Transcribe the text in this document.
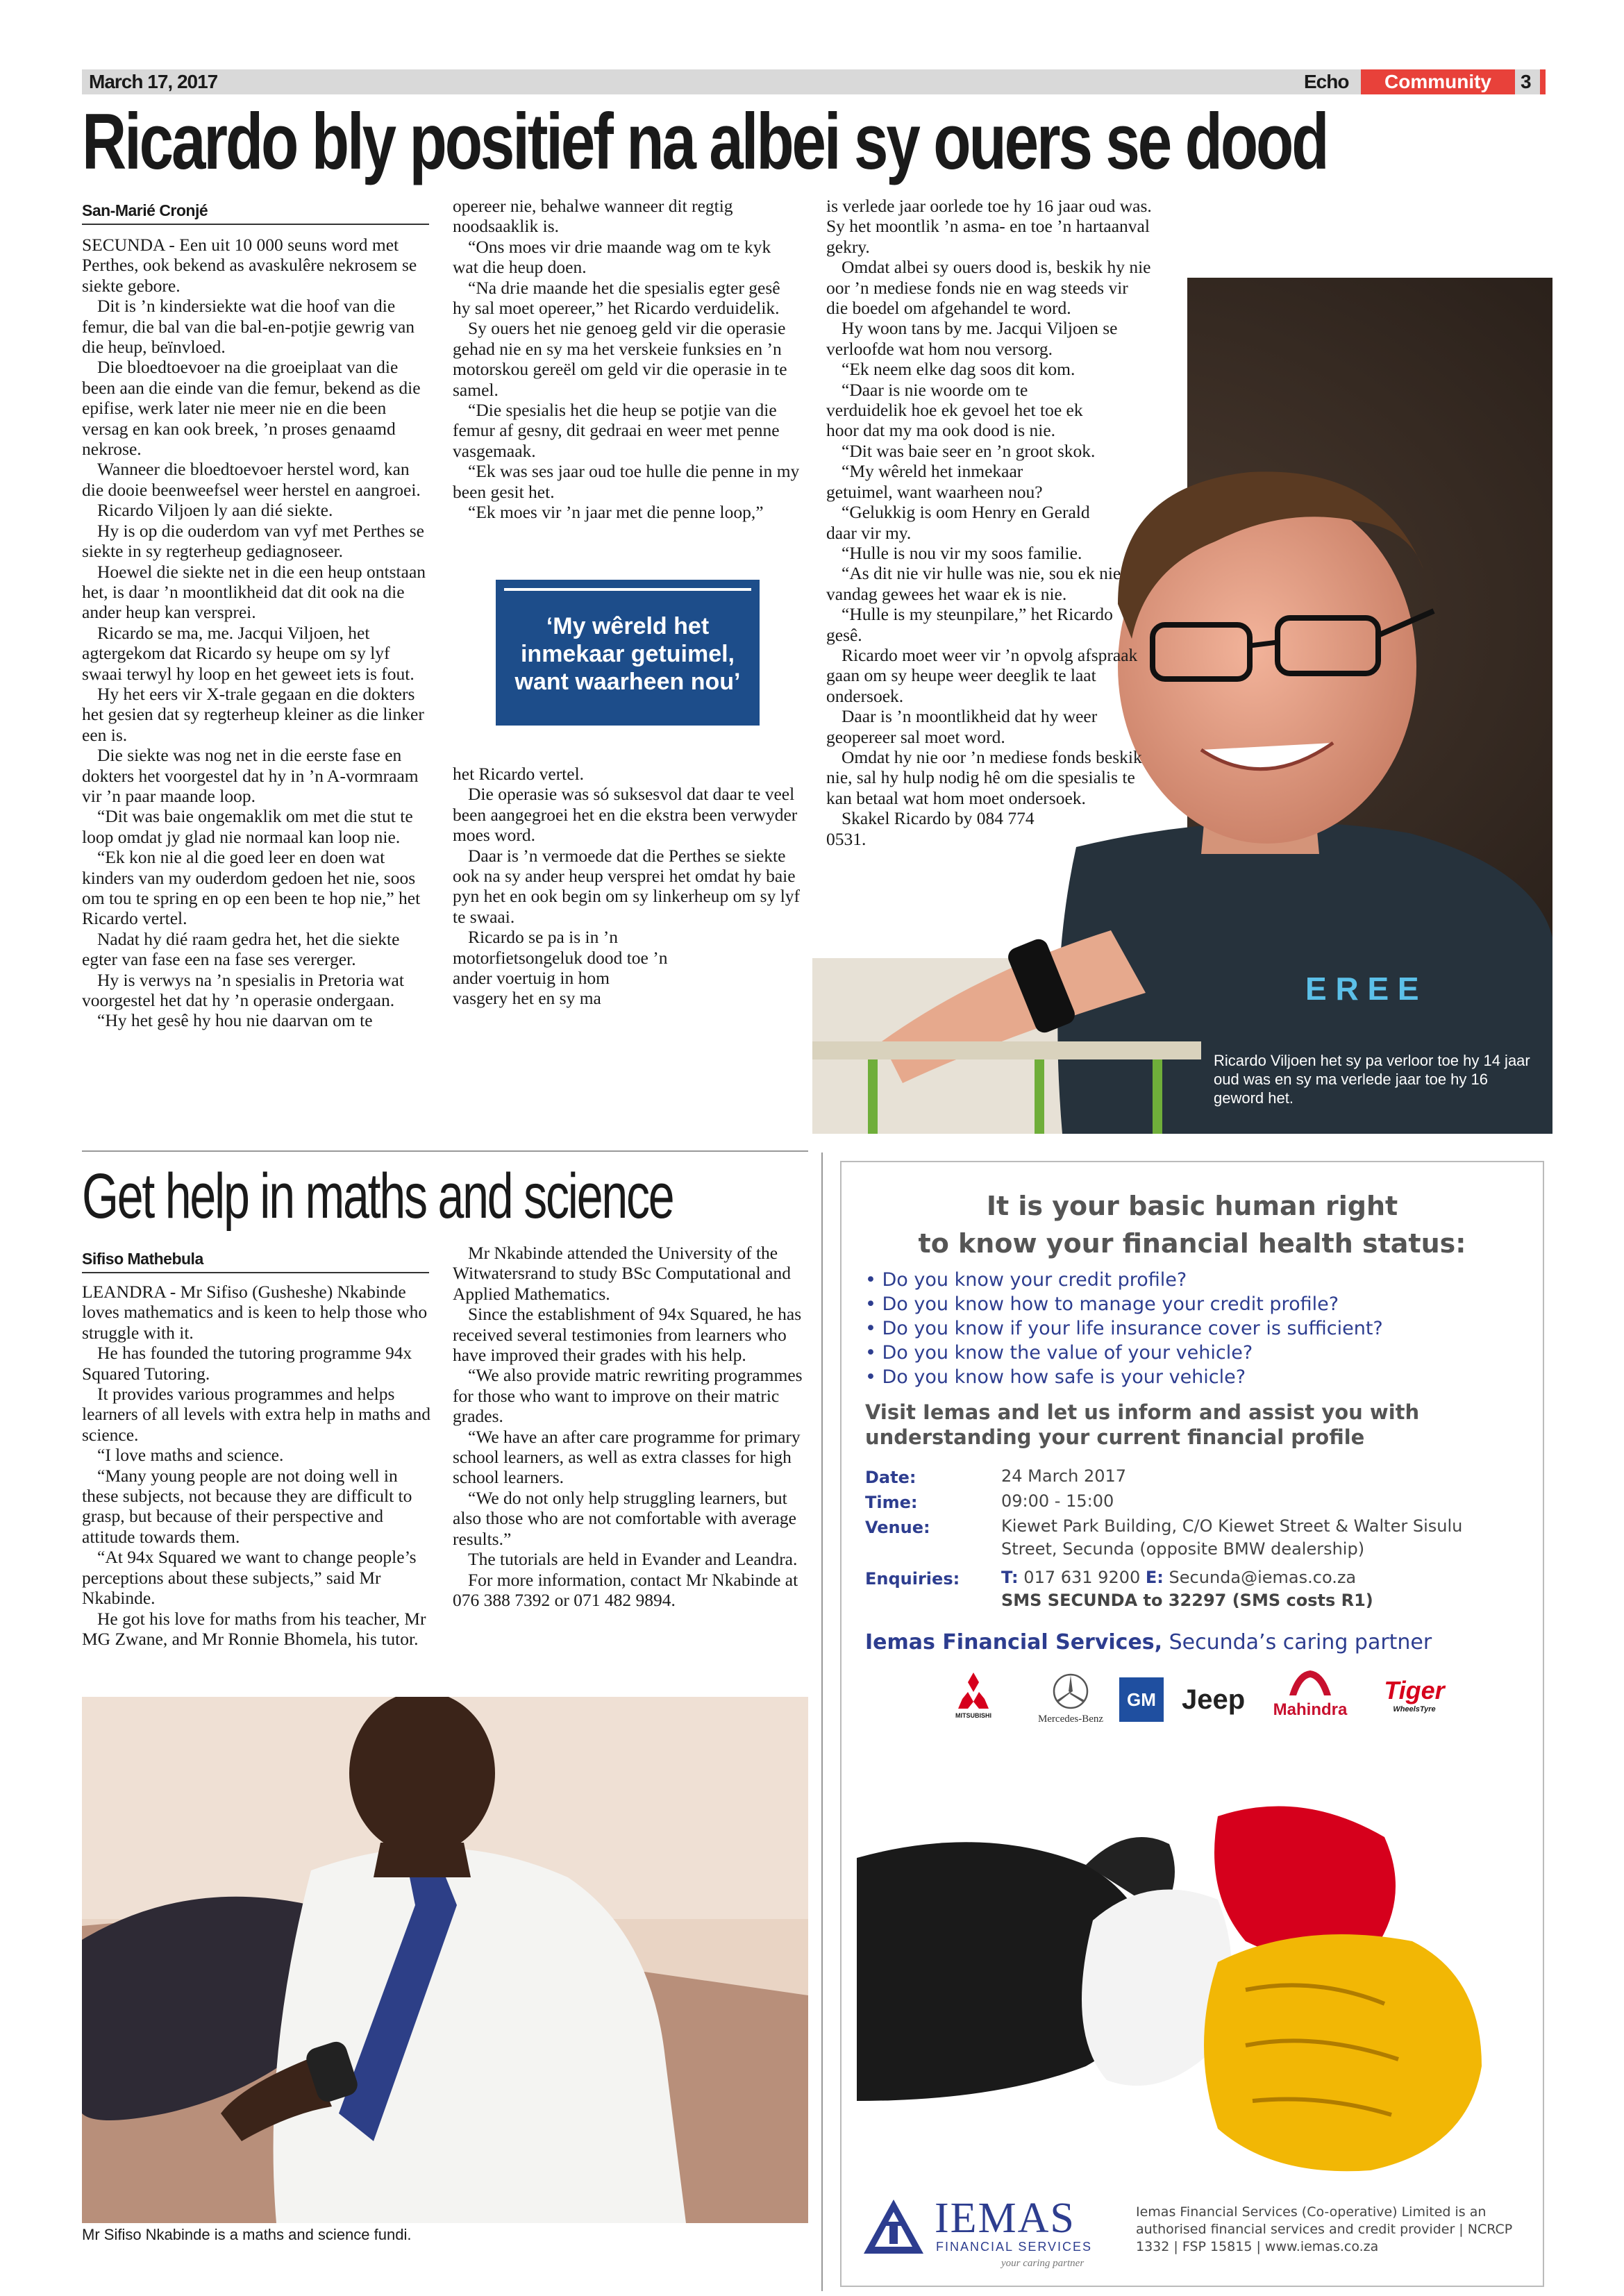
March 17, 2017	Echo	Community	3
Ricardo bly positief na albei sy ouers se dood
E R E E
Ricardo Viljoen het sy pa verloor toe hy 14 jaar oud was en sy ma verlede jaar toe hy 16 geword het.
San-Marié Cronjé

SECUNDA - Een uit 10 000 seuns word met Perthes, ook bekend as avaskulêre nekrosem se siekte gebore.

Dit is ’n kindersiekte wat die hoof van die femur, die bal van die bal-en-potjie gewrig van die heup, beïnvloed.

Die bloedtoevoer na die groeiplaat van die been aan die einde van die femur, bekend as die epifise, werk later nie meer nie en die been versag en kan ook breek, ’n proses genaamd nekrose.

Wanneer die bloedtoevoer herstel word, kan die dooie beenweefsel weer herstel en aangroei.

Ricardo Viljoen ly aan dié siekte.

Hy is op die ouderdom van vyf met Perthes se siekte in sy regterheup gediagnoseer.

Hoewel die siekte net in die een heup ontstaan het, is daar ’n moontlikheid dat dit ook na die ander heup kan versprei.

Ricardo se ma, me. Jacqui Viljoen, het agtergekom dat Ricardo sy heupe om sy lyf swaai terwyl hy loop en het geweet iets is fout.

Hy het eers vir X-trale gegaan en die dokters het gesien dat sy regterheup kleiner as die linker een is.

Die siekte was nog net in die eerste fase en dokters het voorgestel dat hy in ’n A-vormraam vir ’n paar maande loop.

“Dit was baie ongemaklik om met die stut te loop omdat jy glad nie normaal kan loop nie.

“Ek kon nie al die goed leer en doen wat kinders van my ouderdom gedoen het nie, soos om tou te spring en op een been te hop nie,” het Ricardo vertel.

Nadat hy dié raam gedra het, het die siekte egter van fase een na fase ses vererger.

Hy is verwys na ’n spesialis in Pretoria wat voorgestel het dat hy ’n operasie ondergaan.

“Hy het gesê hy hou nie daarvan om te

opereer nie, behalwe wanneer dit regtig noodsaaklik is.

“Ons moes vir drie maande wag om te kyk wat die heup doen.

“Na drie maande het die spesialis egter gesê hy sal moet opereer,” het Ricardo verduidelik.

Sy ouers het nie genoeg geld vir die operasie gehad nie en sy ma het verskeie funksies en ’n motorskou gereël om geld vir die operasie in te samel.

“Die spesialis het die heup se potjie van die femur af gesny, dit gedraai en weer met penne vasgemaak.

“Ek was ses jaar oud toe hulle die penne in my been gesit het.

“Ek moes vir ’n jaar met die penne loop,”

‘My wêreld het inmekaar getuimel, want waarheen nou’

het Ricardo vertel.

Die operasie was só suksesvol dat daar te veel been aangegroei het en die ekstra been verwyder moes word.

Daar is ’n vermoede dat die Perthes se siekte ook na sy ander heup versprei het omdat hy baie pyn het en ook begin om sy linkerheup om sy lyf te swaai.

Ricardo se pa is in ’n motorfietsongeluk dood toe ’n ander voertuig in hom vasgery het en sy ma

is verlede jaar oorlede toe hy 16 jaar oud was. Sy het moontlik ’n asma- en toe ’n hartaanval gekry.

Omdat albei sy ouers dood is, beskik hy nie oor ’n mediese fonds nie en wag steeds vir die boedel om afgehandel te word.

Hy woon tans by me. Jacqui Viljoen se verloofde wat hom nou versorg.

“Ek neem elke dag soos dit kom.

“Daar is nie woorde om te verduidelik hoe ek gevoel het toe ek hoor dat my ma ook dood is nie.

“Dit was baie seer en ’n groot skok.

“My wêreld het inmekaar getuimel, want waarheen nou?

“Gelukkig is oom Henry en Gerald daar vir my.

“Hulle is nou vir my soos familie.

“As dit nie vir hulle was nie, sou ek nie vandag gewees het waar ek is nie.

“Hulle is my steunpilare,” het Ricardo gesê.

Ricardo moet weer vir ’n opvolg afspraak gaan om sy heupe weer deeglik te laat ondersoek.

Daar is ’n moontlikheid dat hy weer geopereer sal moet word.

Omdat hy nie oor ’n mediese fonds beskik nie, sal hy hulp nodig hê om die spesialis te kan betaal wat hom moet ondersoek.

Skakel Ricardo by 084 774 0531.

Get help in maths and science
Sifiso Mathebula

LEANDRA - Mr Sifiso (Gusheshe) Nkabinde loves mathematics and is keen to help those who struggle with it.

He has founded the tutoring programme 94x Squared Tutoring.

It provides various programmes and helps learners of all levels with extra help in maths and science.

“I love maths and science.

“Many young people are not doing well in these subjects, not because they are difficult to grasp, but because of their perspective and attitude towards them.

“At 94x Squared we want to change people’s perceptions about these subjects,” said Mr Nkabinde.

He got his love for maths from his teacher, Mr MG Zwane, and Mr Ronnie Bhomela, his tutor.

Mr Nkabinde attended the University of the Witwatersrand to study BSc Computational and Applied Mathematics.

Since the establishment of 94x Squared, he has received several testimonies from learners who have improved their grades with his help.

“We also provide matric rewriting programmes for those who want to improve on their matric grades.

“We have an after care programme for primary school learners, as well as extra classes for high school learners.

“We do not only help struggling learners, but also those who are not comfortable with average results.”

The tutorials are held in Evander and Leandra.

For more information, contact Mr Nkabinde at 076 388 7392 or 071 482 9894.

Mr Sifiso Nkabinde is a maths and science fundi.
It is your basic human right
to know your financial health status:
• Do you know your credit profile?
• Do you know how to manage your credit profile?
• Do you know if your life insurance cover is sufficient?
• Do you know the value of your vehicle?
• Do you know how safe is your vehicle?
Visit Iemas and let us inform and assist you with understanding your current financial profile
Date:	24 March 2017
Time:	09:00 - 15:00
Venue:	Kiewet Park Building, C/O Kiewet Street & Walter Sisulu Street, Secunda (opposite BMW dealership)
Enquiries: T: 017 631 9200 E: Secunda@iemas.co.za
SMS SECUNDA to 32297 (SMS costs R1)
Iemas Financial Services, Secunda’s caring partner
MITSUBISHI	Mercedes-Benz
GM Jeep	Mahindra
Tiger
WheelsTyre
IEMAS
FINANCIAL SERVICES
your caring partner
Iemas Financial Services (Co-operative) Limited is an authorised financial services and credit provider | NCRCP 1332 | FSP 15815 | www.iemas.co.za
